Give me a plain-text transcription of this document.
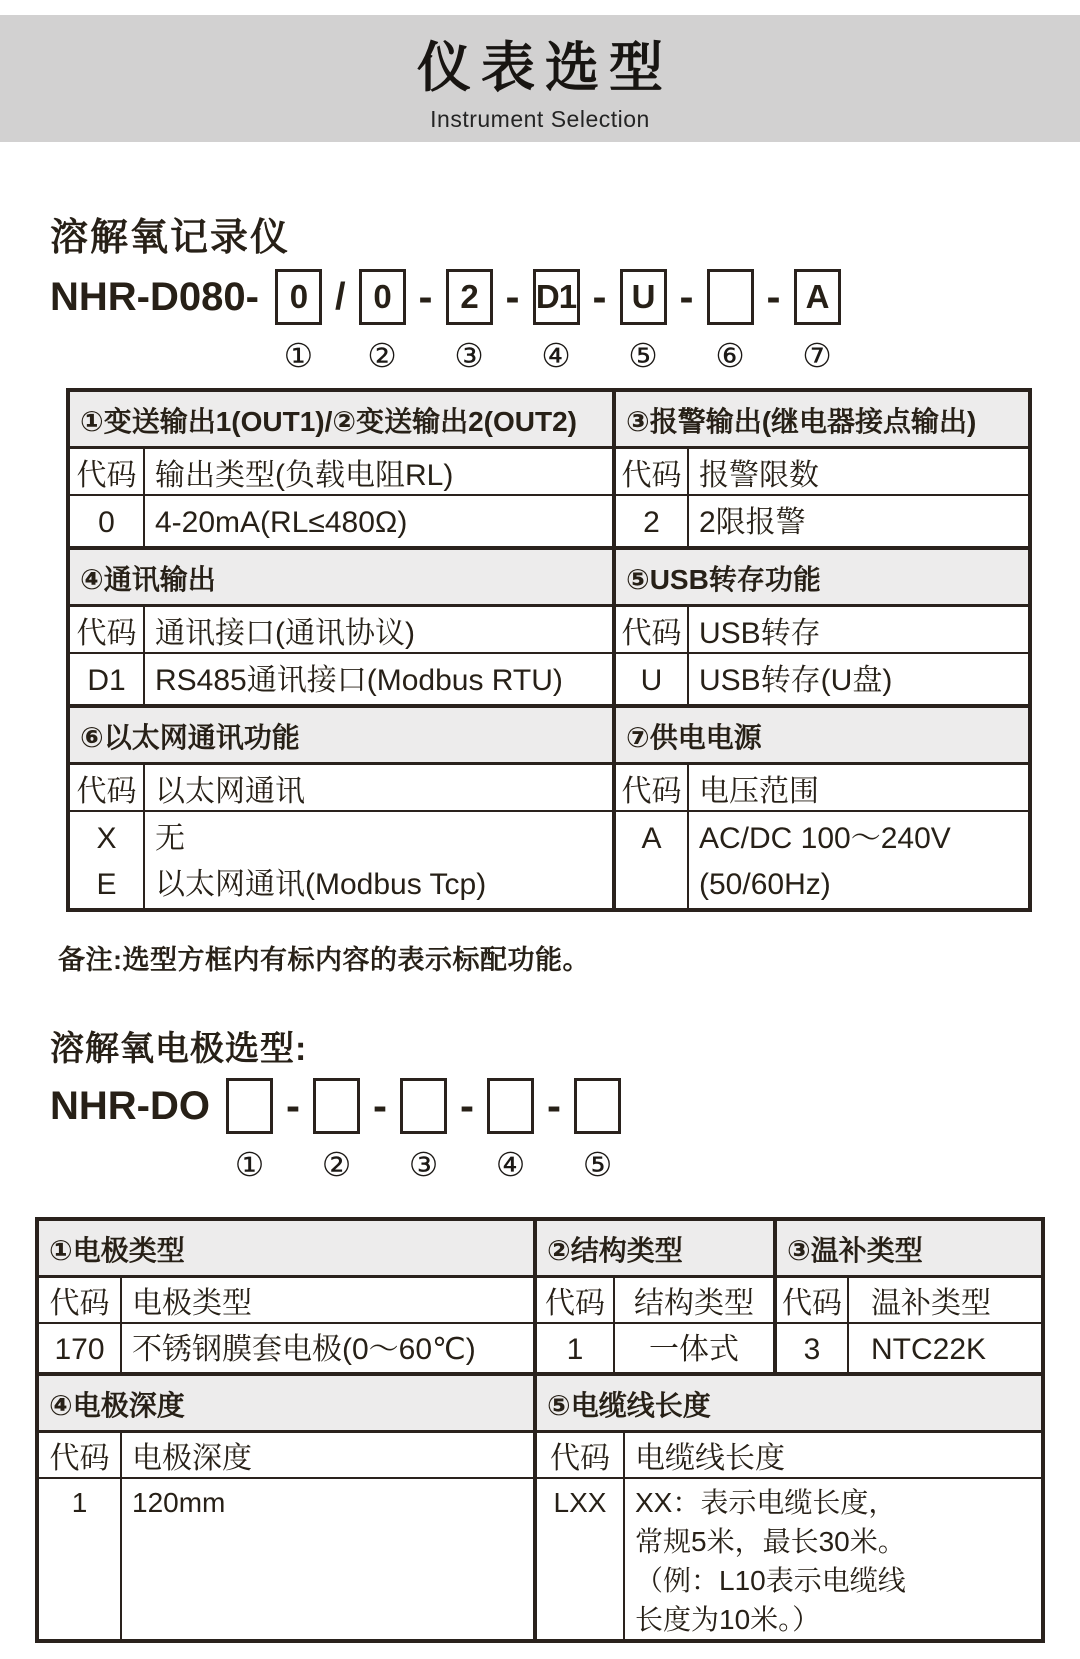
仪表选型
Instrument Selection
溶解氧记录仪
NHR-D080- 0
①
/ 0
②
- 2
③
- D1
④
- U
⑤
-
⑥
- A
⑦
①变送输出1(OUT1)/②变送输出2(OUT2)
代码 输出类型(负载电阻RL)
0 4-20mA(RL≤480Ω)
③报警输出(继电器接点输出)
代码 报警限数
2 2限报警
④通讯输出
代码 通讯接口(通讯协议)
D1 RS485通讯接口(Modbus RTU)
⑤USB转存功能
代码 USB转存
U USB转存(U盘)
⑥以太网通讯功能
代码 以太网通讯
X
E
无
以太网通讯(Modbus Tcp)
⑦供电电源
代码 电压范围
A AC/DC 100～240V
(50/60Hz)

备注:选型方框内有标内容的表示标配功能。

溶解氧电极选型:
NHR-DO
①
-
②
-
③
-
④
-
⑤
①电极类型
代码 电极类型
170 不锈钢膜套电极(0～60℃)
②结构类型
代码 结构类型
1 一体式
③温补类型
代码 温补类型
3 NTC22K
④电极深度
代码 电极深度
1 120mm
⑤电缆线长度
代码 电缆线长度
LXX XX：表示电缆长度，
常规5米，最长30米。
（例：L10表示电缆线
长度为10米。）
